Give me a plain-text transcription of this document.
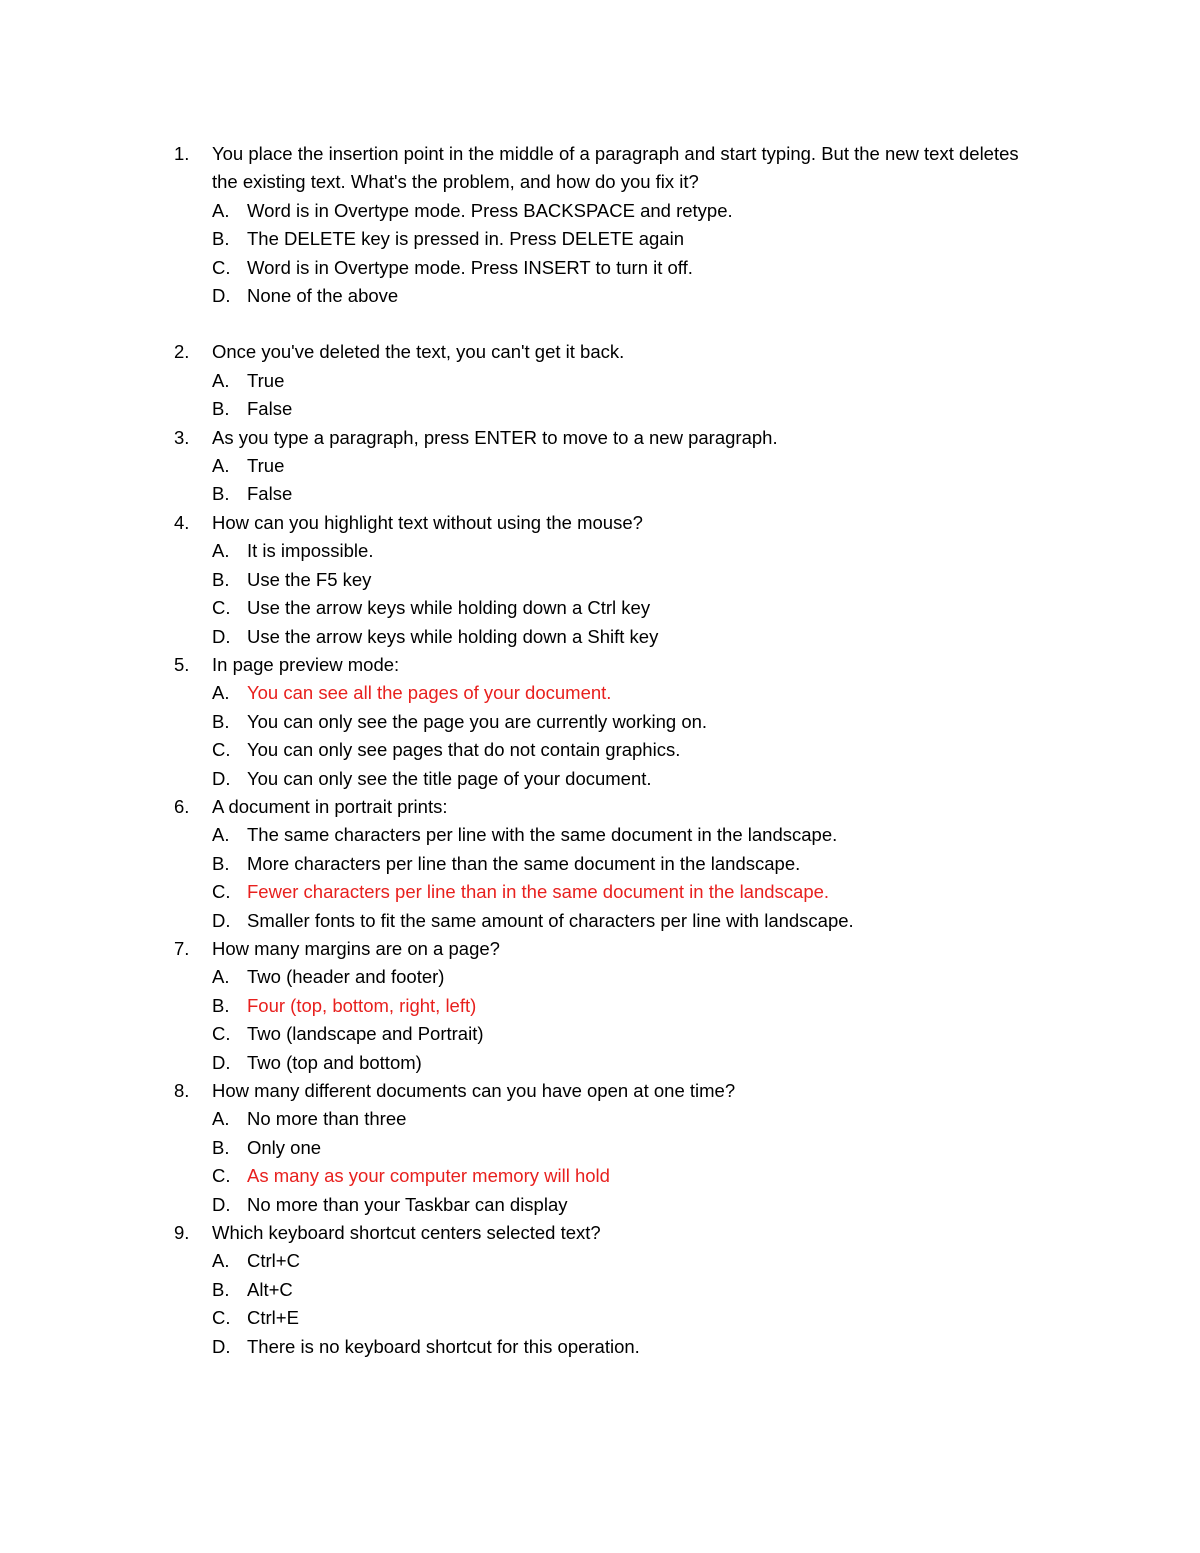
1.	You place the insertion point in the middle of a paragraph and start typing. But the new text deletes the existing text. What's the problem, and how do you fix it?
A. Word is in Overtype mode. Press BACKSPACE and retype.
B. The DELETE key is pressed in. Press DELETE again
C. Word is in Overtype mode. Press INSERT to turn it off.
D. None of the above
2.	Once you've deleted the text, you can't get it back.
A. True
B. False
3.	As you type a paragraph, press ENTER to move to a new paragraph.
A. True
B. False
4.	How can you highlight text without using the mouse?
A. It is impossible.
B. Use the F5 key
C. Use the arrow keys while holding down a Ctrl key
D. Use the arrow keys while holding down a Shift key
5.	In page preview mode:
A. You can see all the pages of your document.
B. You can only see the page you are currently working on.
C. You can only see pages that do not contain graphics.
D. You can only see the title page of your document.
6.	A document in portrait prints:
A. The same characters per line with the same document in the landscape.
B. More characters per line than the same document in the landscape.
C. Fewer characters per line than in the same document in the landscape.
D. Smaller fonts to fit the same amount of characters per line with landscape.
7.	How many margins are on a page?
A. Two (header and footer)
B. Four (top, bottom, right, left)
C. Two (landscape and Portrait)
D. Two (top and bottom)
8.	How many different documents can you have open at one time?
A. No more than three
B. Only one
C. As many as your computer memory will hold
D. No more than your Taskbar can display
9.	Which keyboard shortcut centers selected text?
A. Ctrl+C
B. Alt+C
C. Ctrl+E
D. There is no keyboard shortcut for this operation.
